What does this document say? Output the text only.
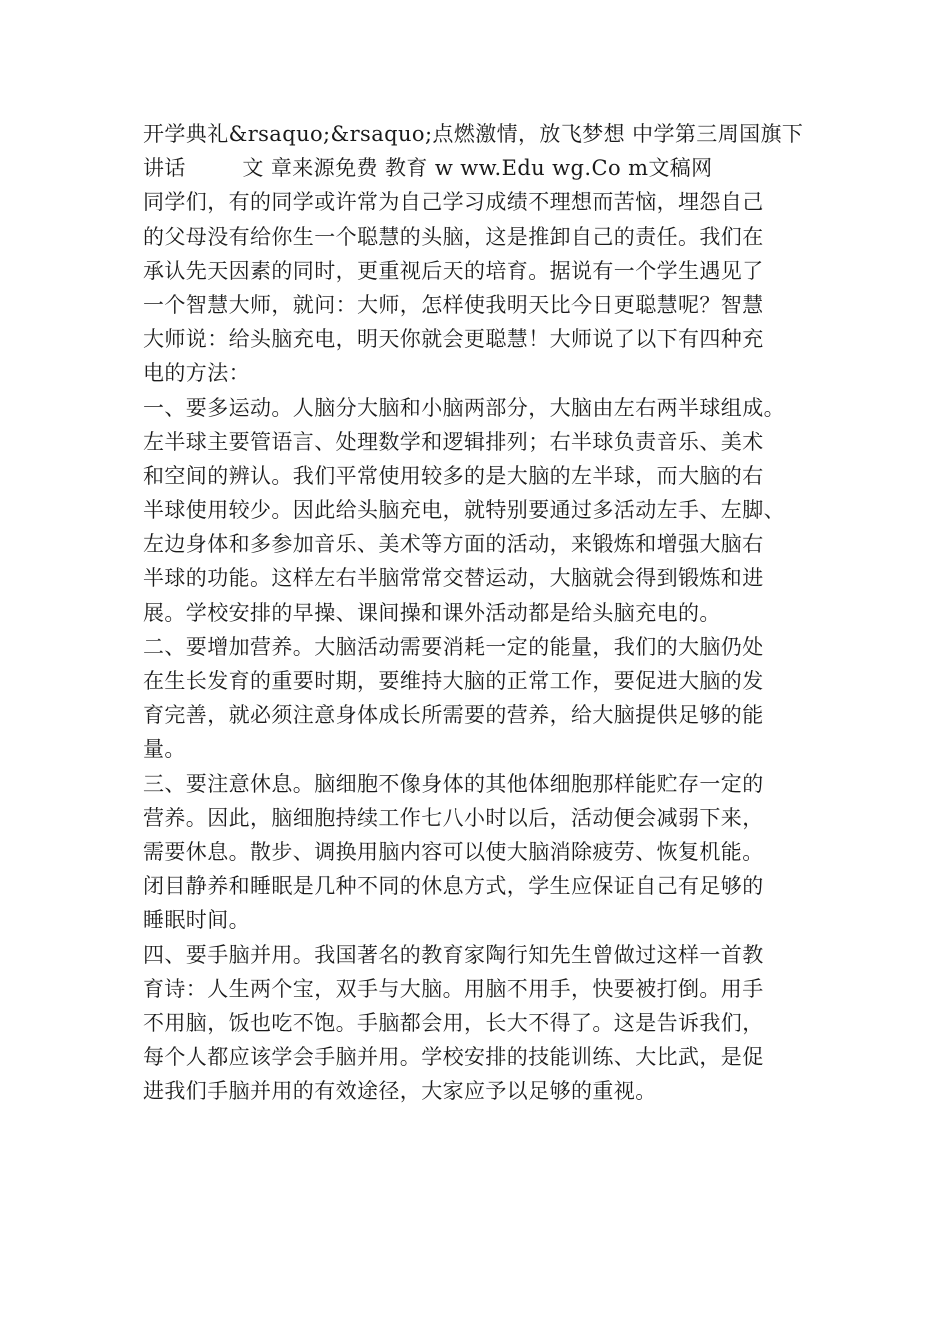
开学典礼&rsaquo;&rsaquo;点燃激情，放飞梦想 中学第三周国旗下
讲话        文 章来源免费 教育 w ww.Edu wg.Co m文稿网
同学们，有的同学或许常为自己学习成绩不理想而苦恼，埋怨自己
的父母没有给你生一个聪慧的头脑，这是推卸自己的责任。我们在
承认先天因素的同时，更重视后天的培育。据说有一个学生遇见了
一个智慧大师，就问：大师，怎样使我明天比今日更聪慧呢？智慧
大师说：给头脑充电，明天你就会更聪慧！大师说了以下有四种充
电的方法：
一、要多运动。人脑分大脑和小脑两部分，大脑由左右两半球组成。
左半球主要管语言、处理数学和逻辑排列；右半球负责音乐、美术
和空间的辨认。我们平常使用较多的是大脑的左半球，而大脑的右
半球使用较少。因此给头脑充电，就特别要通过多活动左手、左脚、
左边身体和多参加音乐、美术等方面的活动，来锻炼和增强大脑右
半球的功能。这样左右半脑常常交替运动，大脑就会得到锻炼和进
展。学校安排的早操、课间操和课外活动都是给头脑充电的。
二、要增加营养。大脑活动需要消耗一定的能量，我们的大脑仍处
在生长发育的重要时期，要维持大脑的正常工作，要促进大脑的发
育完善，就必须注意身体成长所需要的营养，给大脑提供足够的能
量。
三、要注意休息。脑细胞不像身体的其他体细胞那样能贮存一定的
营养。因此，脑细胞持续工作七八小时以后，活动便会减弱下来，
需要休息。散步、调换用脑内容可以使大脑消除疲劳、恢复机能。
闭目静养和睡眠是几种不同的休息方式，学生应保证自己有足够的
睡眠时间。
四、要手脑并用。我国著名的教育家陶行知先生曾做过这样一首教
育诗：人生两个宝，双手与大脑。用脑不用手，快要被打倒。用手
不用脑，饭也吃不饱。手脑都会用，长大不得了。这是告诉我们，
每个人都应该学会手脑并用。学校安排的技能训练、大比武，是促
进我们手脑并用的有效途径，大家应予以足够的重视。
